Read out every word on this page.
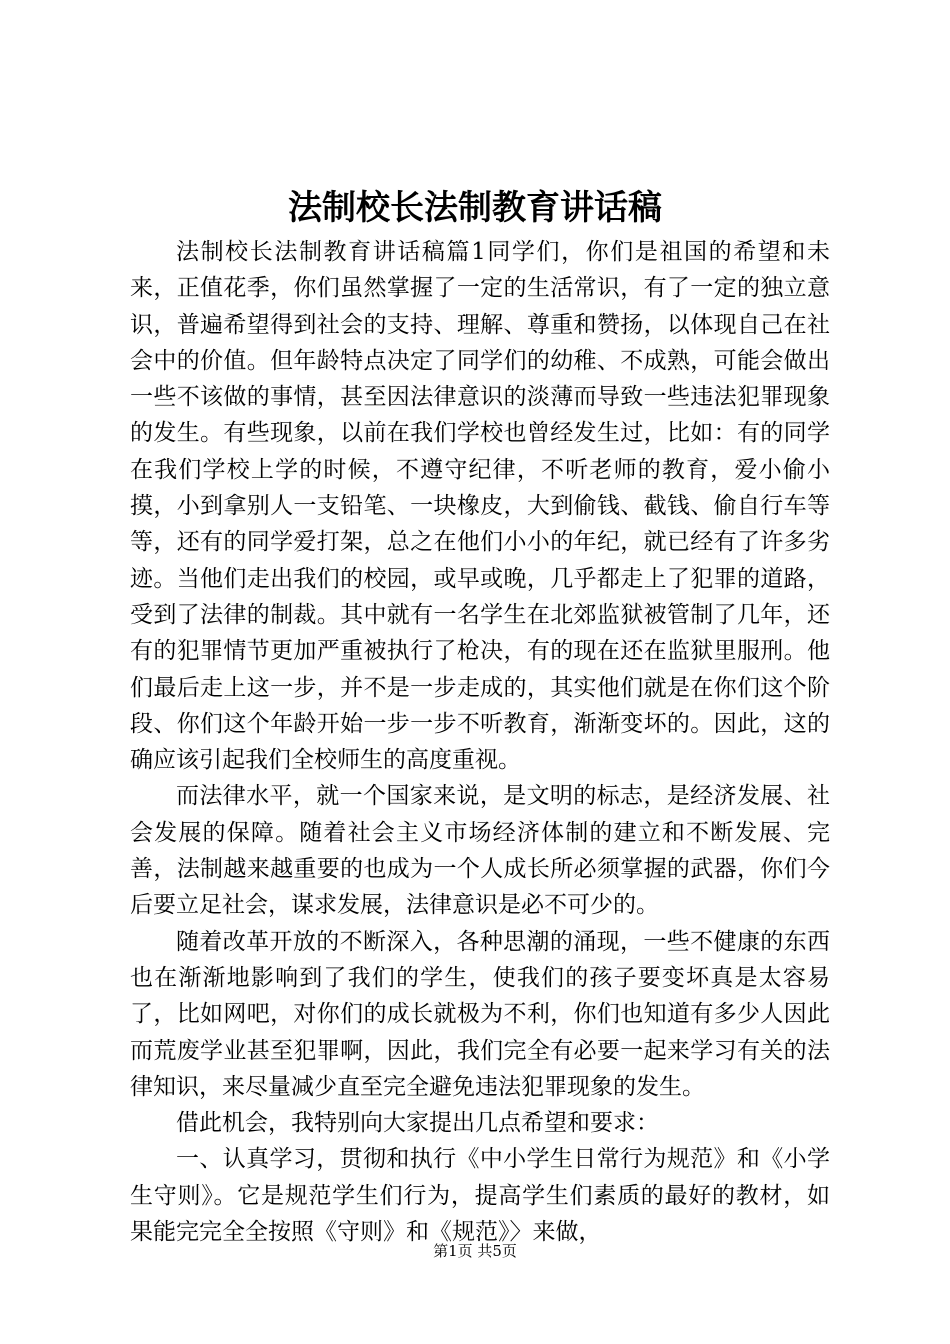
法制校长法制教育讲话稿

法制校长法制教育讲话稿篇1同学们，你们是祖国的希望和未来，正值花季，你们虽然掌握了一定的生活常识，有了一定的独立意识，普遍希望得到社会的支持、理解、尊重和赞扬，以体现自己在社会中的价值。但年龄特点决定了同学们的幼稚、不成熟，可能会做出一些不该做的事情，甚至因法律意识的淡薄而导致一些违法犯罪现象的发生。有些现象，以前在我们学校也曾经发生过，比如：有的同学在我们学校上学的时候，不遵守纪律，不听老师的教育，爱小偷小摸，小到拿别人一支铅笔、一块橡皮，大到偷钱、截钱、偷自行车等等，还有的同学爱打架，总之在他们小小的年纪，就已经有了许多劣迹。当他们走出我们的校园，或早或晚，几乎都走上了犯罪的道路，受到了法律的制裁。其中就有一名学生在北郊监狱被管制了几年，还有的犯罪情节更加严重被执行了枪决，有的现在还在监狱里服刑。他们最后走上这一步，并不是一步走成的，其实他们就是在你们这个阶段、你们这个年龄开始一步一步不听教育，渐渐变坏的。因此，这的确应该引起我们全校师生的高度重视。

而法律水平，就一个国家来说，是文明的标志，是经济发展、社会发展的保障。随着社会主义市场经济体制的建立和不断发展、完善，法制越来越重要的也成为一个人成长所必须掌握的武器，你们今后要立足社会，谋求发展，法律意识是必不可少的。

随着改革开放的不断深入，各种思潮的涌现，一些不健康的东西也在渐渐地影响到了我们的学生，使我们的孩子要变坏真是太容易了，比如网吧，对你们的成长就极为不利，你们也知道有多少人因此而荒废学业甚至犯罪啊，因此，我们完全有必要一起来学习有关的法律知识，来尽量减少直至完全避免违法犯罪现象的发生。

借此机会，我特别向大家提出几点希望和要求：

一、认真学习，贯彻和执行《中小学生日常行为规范》和《小学生守则》。它是规范学生们行为，提高学生们素质的最好的教材，如果能完完全全按照《守则》和《规范》〉来做，

第1页 共5页
